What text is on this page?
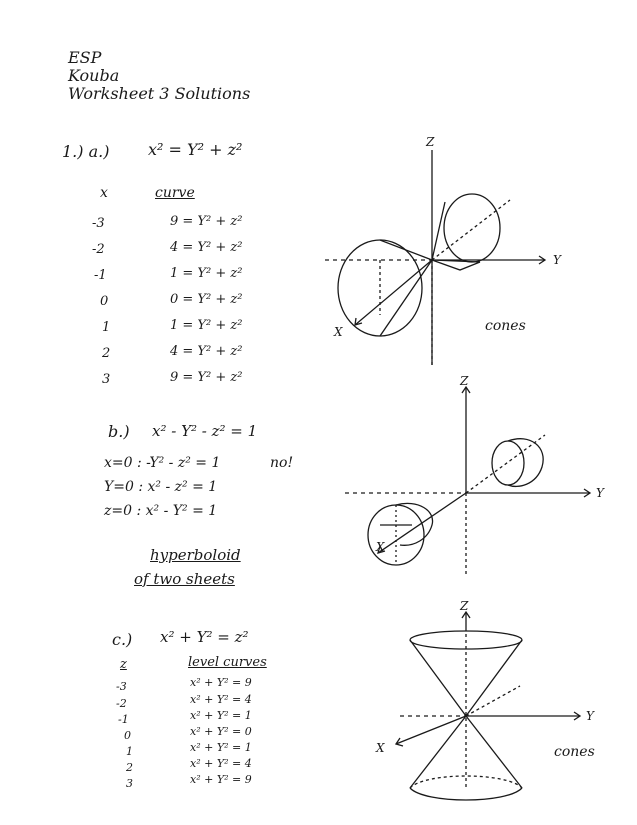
ESP
Kouba
Worksheet 3 Solutions
1.) a.) x² = Y² + z²
x	curve
-3	9 = Y² + z²
-2	4 = Y² + z²
-1	1 = Y² + z²
0	0 = Y² + z²
1	1 = Y² + z²
2	4 = Y² + z²
3	9 = Y² + z²
Z
Y
X	cones
b.) x² - Y² - z² = 1
x=0 : -Y² - z² = 1	no!
Y=0 : x² - z² = 1
z=0 : x² - Y² = 1
hyperboloid
of two sheets
Z
Y
X
c.) x² + Y² = z²
z	level curves
-3	x² + Y² = 9
-2	x² + Y² = 4
-1	x² + Y² = 1
0	x² + Y² = 0
1	x² + Y² = 1
2	x² + Y² = 4
3	x² + Y² = 9
Z
Y
X	cones
